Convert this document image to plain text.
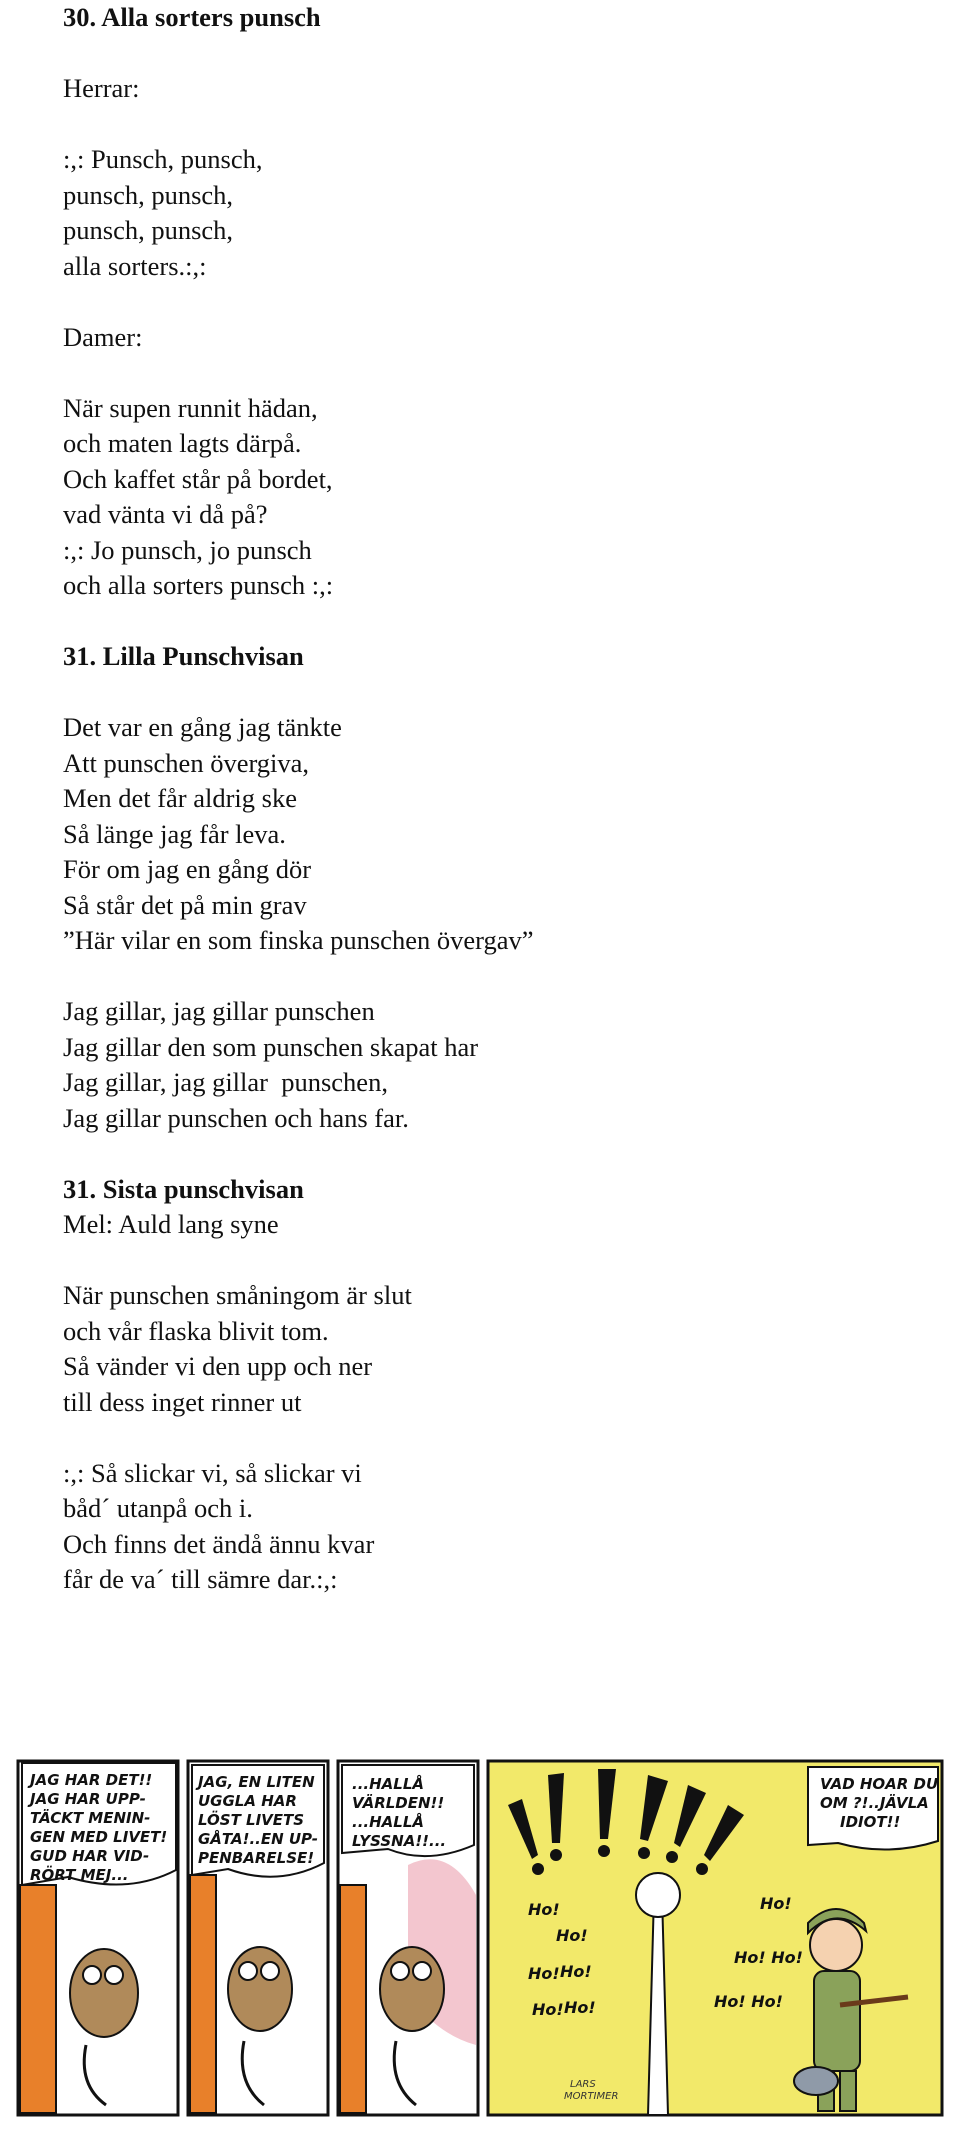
30. Alla sorters punsch
Herrar:
:,: Punsch, punsch,
punsch, punsch,
punsch, punsch,
alla sorters.:,:
Damer:
När supen runnit hädan,
och maten lagts därpå.
Och kaffet står på bordet,
vad vänta vi då på?
:,: Jo punsch, jo punsch
och alla sorters punsch :,:
31. Lilla Punschvisan
Det var en gång jag tänkte
Att punschen övergiva,
Men det får aldrig ske
Så länge jag får leva.
För om jag en gång dör
Så står det på min grav
”Här vilar en som finska punschen övergav”
Jag gillar, jag gillar punschen
Jag gillar den som punschen skapat har
Jag gillar, jag gillar  punschen,
Jag gillar punschen och hans far.
31. Sista punschvisan
Mel: Auld lang syne
När punschen småningom är slut
och vår flaska blivit tom.
Så vänder vi den upp och ner
till dess inget rinner ut
:,: Så slickar vi, så slickar vi
båd´ utanpå och i.
Och finns det ändå ännu kvar
får de va´ till sämre dar.:,:
JAG HAR DET!!
JAG HAR UPP-
TÄCKT MENIN-
GEN MED LIVET!
GUD HAR VID-
RÖRT MEJ...
JAG, EN LITEN
UGGLA HAR
LÖST LIVETS
GÅTA!..EN UP-
PENBARELSE!
...HALLÅ
VÄRLDEN!!
...HALLÅ
LYSSNA!!...
Ho!
Ho!
Ho! Ho!
Ho! Ho!
Ho!
Ho! Ho!
Ho! Ho!
LARS
MORTIMER
VAD HOAR DU
OM ?!..JÄVLA
IDIOT!!
